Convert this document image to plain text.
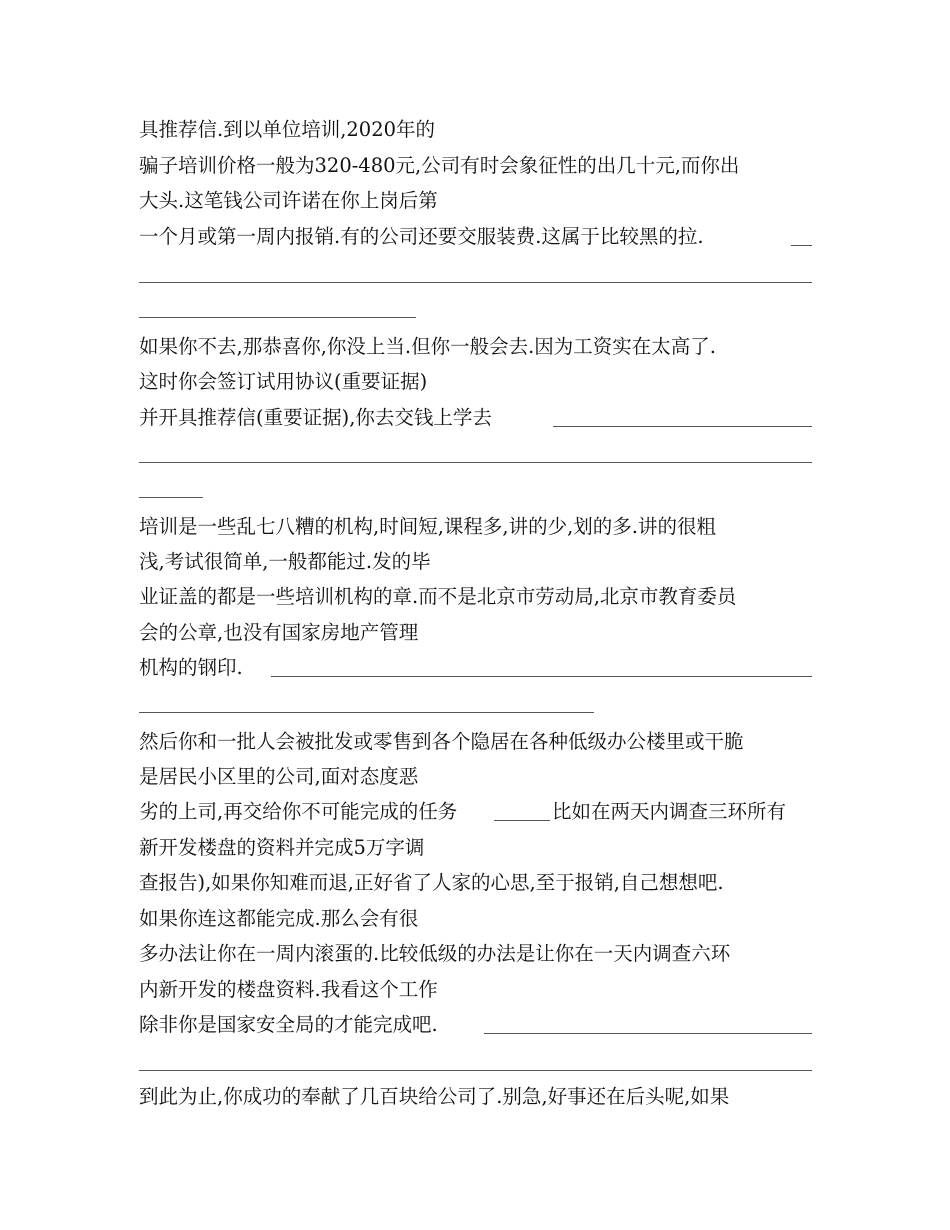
具推荐信.到以单位培训,2020年的
骗子培训价格一般为320-480元,公司有时会象征性的出几十元,而你出
大头.这笔钱公司许诺在你上岗后第
一个月或第一周内报销.有的公司还要交服装费.这属于比较黑的拉.
如果你不去,那恭喜你,你没上当.但你一般会去.因为工资实在太高了.
这时你会签订试用协议(重要证据)
并开具推荐信(重要证据),你去交钱上学去
培训是一些乱七八糟的机构,时间短,课程多,讲的少,划的多.讲的很粗
浅,考试很简单,一般都能过.发的毕
业证盖的都是一些培训机构的章.而不是北京市劳动局,北京市教育委员
会的公章,也没有国家房地产管理
机构的钢印.
然后你和一批人会被批发或零售到各个隐居在各种低级办公楼里或干脆
是居民小区里的公司,面对态度恶
劣的上司,再交给你不可能完成的任务	比如在两天内调查三环所有
新开发楼盘的资料并完成5万字调
查报告),如果你知难而退,正好省了人家的心思,至于报销,自己想想吧.
如果你连这都能完成.那么会有很
多办法让你在一周内滚蛋的.比较低级的办法是让你在一天内调查六环
内新开发的楼盘资料.我看这个工作
除非你是国家安全局的才能完成吧.
到此为止,你成功的奉献了几百块给公司了.别急,好事还在后头呢,如果
